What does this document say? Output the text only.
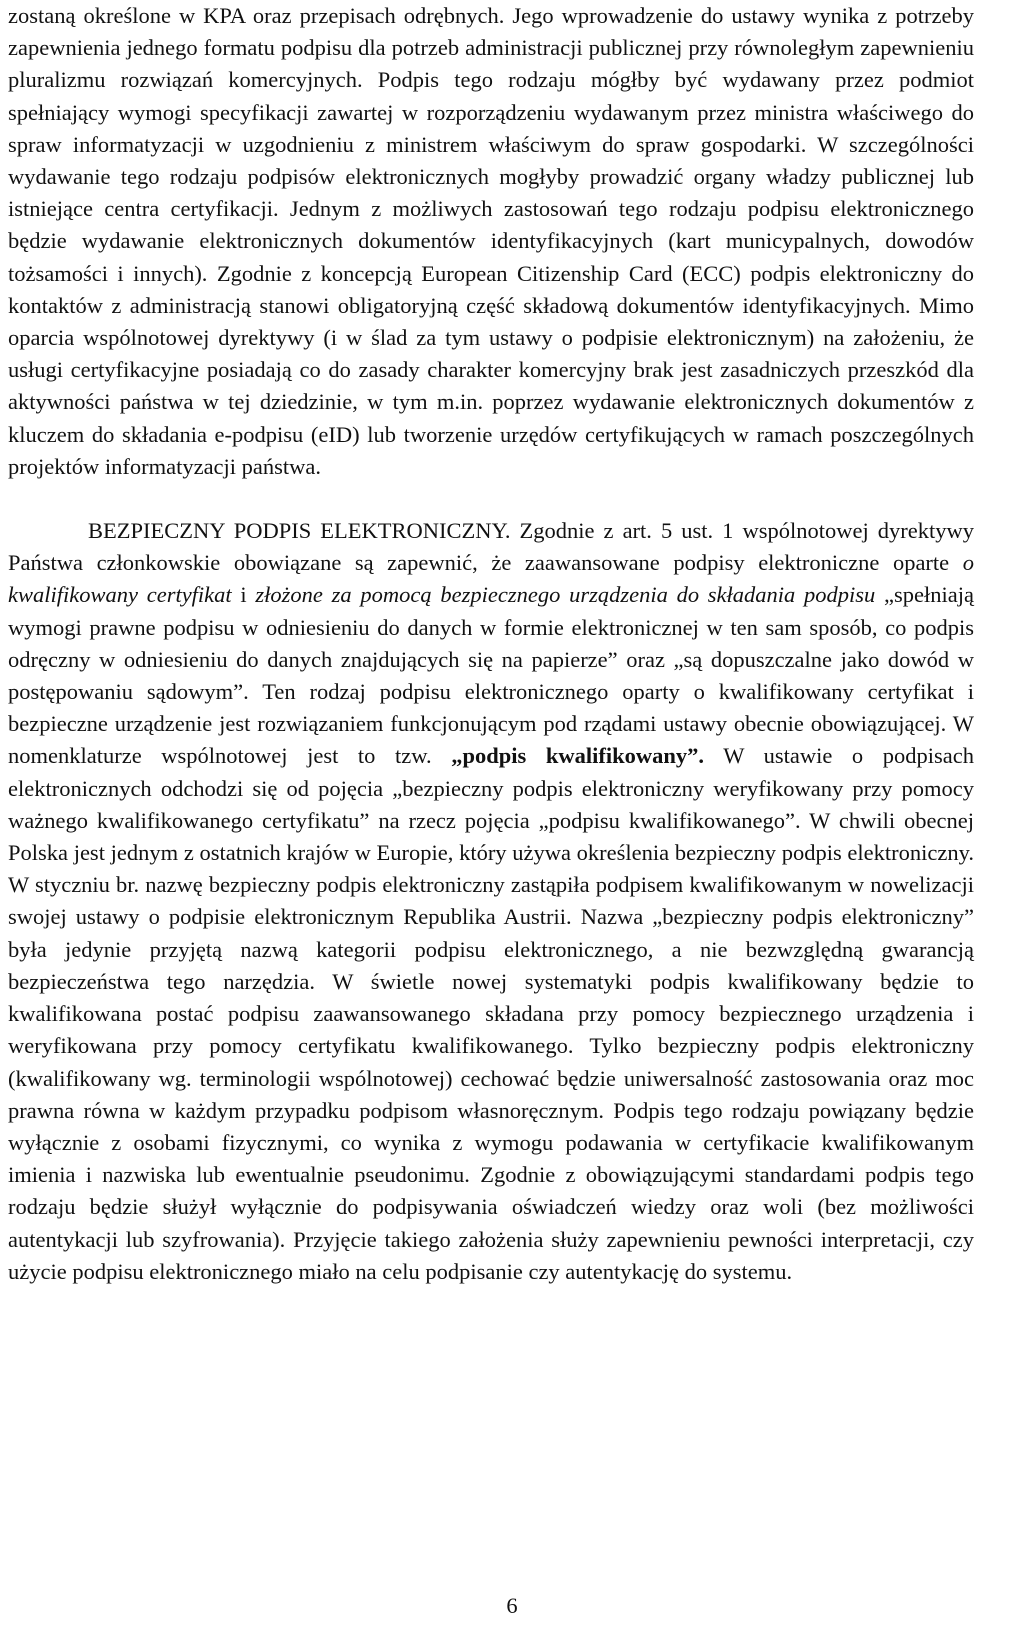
zostaną określone w KPA oraz przepisach odrębnych. Jego wprowadzenie do ustawy wynika z potrzeby zapewnienia jednego formatu podpisu dla potrzeb administracji publicznej przy równoległym zapewnieniu pluralizmu rozwiązań komercyjnych. Podpis tego rodzaju mógłby być wydawany przez podmiot spełniający wymogi specyfikacji zawartej w rozporządzeniu wydawanym przez ministra właściwego do spraw informatyzacji w uzgodnieniu z ministrem właściwym do spraw gospodarki. W szczególności wydawanie tego rodzaju podpisów elektronicznych mogłyby prowadzić organy władzy publicznej lub istniejące centra certyfikacji. Jednym z możliwych zastosowań tego rodzaju podpisu elektronicznego będzie wydawanie elektronicznych dokumentów identyfikacyjnych (kart municypalnych, dowodów tożsamości i innych). Zgodnie z koncepcją European Citizenship Card (ECC) podpis elektroniczny do kontaktów z administracją stanowi obligatoryjną część składową dokumentów identyfikacyjnych. Mimo oparcia wspólnotowej dyrektywy (i w ślad za tym ustawy o podpisie elektronicznym) na założeniu, że usługi certyfikacyjne posiadają co do zasady charakter komercyjny brak jest zasadniczych przeszkód dla aktywności państwa w tej dziedzinie, w tym m.in. poprzez wydawanie elektronicznych dokumentów z kluczem do składania e-podpisu (eID) lub tworzenie urzędów certyfikujących w ramach poszczególnych projektów informatyzacji państwa.

BEZPIECZNY PODPIS ELEKTRONICZNY. Zgodnie z art. 5 ust. 1 wspólnotowej dyrektywy Państwa członkowskie obowiązane są zapewnić, że zaawansowane podpisy elektroniczne oparte o kwalifikowany certyfikat i złożone za pomocą bezpiecznego urządzenia do składania podpisu „spełniają wymogi prawne podpisu w odniesieniu do danych w formie elektronicznej w ten sam sposób, co podpis odręczny w odniesieniu do danych znajdujących się na papierze” oraz „są dopuszczalne jako dowód w postępowaniu sądowym”. Ten rodzaj podpisu elektronicznego oparty o kwalifikowany certyfikat i bezpieczne urządzenie jest rozwiązaniem funkcjonującym pod rządami ustawy obecnie obowiązującej. W nomenklaturze wspólnotowej jest to tzw. „podpis kwalifikowany”. W ustawie o podpisach elektronicznych odchodzi się od pojęcia „bezpieczny podpis elektroniczny weryfikowany przy pomocy ważnego kwalifikowanego certyfikatu” na rzecz pojęcia „podpisu kwalifikowanego”. W chwili obecnej Polska jest jednym z ostatnich krajów w Europie, który używa określenia bezpieczny podpis elektroniczny. W styczniu br. nazwę bezpieczny podpis elektroniczny zastąpiła podpisem kwalifikowanym w nowelizacji swojej ustawy o podpisie elektronicznym Republika Austrii. Nazwa „bezpieczny podpis elektroniczny” była jedynie przyjętą nazwą kategorii podpisu elektronicznego, a nie bezwzględną gwarancją bezpieczeństwa tego narzędzia. W świetle nowej systematyki podpis kwalifikowany będzie to kwalifikowana postać podpisu zaawansowanego składana przy pomocy bezpiecznego urządzenia i weryfikowana przy pomocy certyfikatu kwalifikowanego. Tylko bezpieczny podpis elektroniczny (kwalifikowany wg. terminologii wspólnotowej) cechować będzie uniwersalność zastosowania oraz moc prawna równa w każdym przypadku podpisom własnoręcznym. Podpis tego rodzaju powiązany będzie wyłącznie z osobami fizycznymi, co wynika z wymogu podawania w certyfikacie kwalifikowanym imienia i nazwiska lub ewentualnie pseudonimu. Zgodnie z obowiązującymi standardami podpis tego rodzaju będzie służył wyłącznie do podpisywania oświadczeń wiedzy oraz woli (bez możliwości autentykacji lub szyfrowania). Przyjęcie takiego założenia służy zapewnieniu pewności interpretacji, czy użycie podpisu elektronicznego miało na celu podpisanie czy autentykację do systemu.

6
